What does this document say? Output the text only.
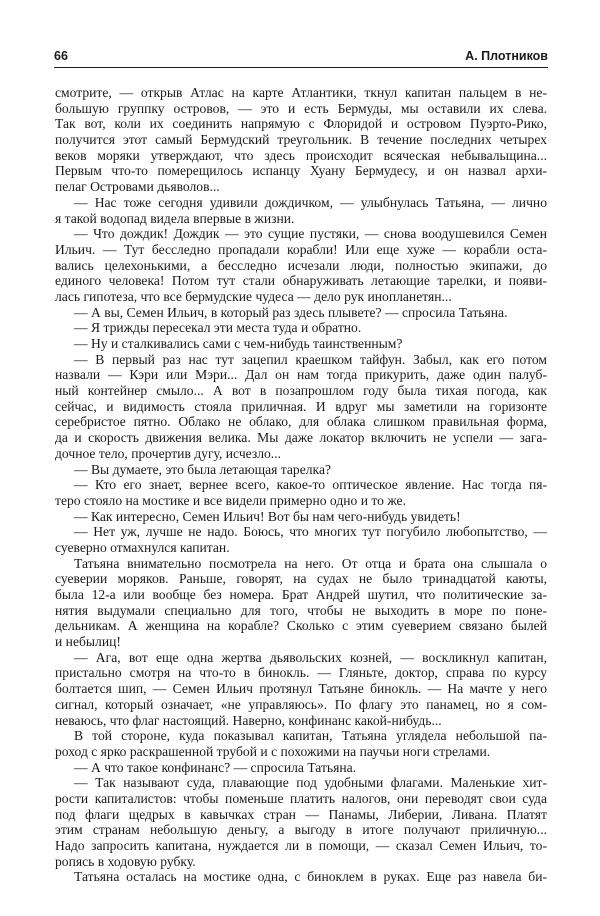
66	А. Плотников
смотрите, — открыв Атлас на карте Атлантики, ткнул капитан пальцем в не-
большую группку островов, — это и есть Бермуды, мы оставили их слева.
Так вот, коли их соединить напрямую с Флоридой и островом Пуэрто-Рико,
получится этот самый Бермудский треугольник. В течение последних четырех
веков моряки утверждают, что здесь происходит всяческая небывальщина...
Первым что-то померещилось испанцу Хуану Бермудесу, и он назвал архи-
пелаг Островами дьяволов...
— Нас тоже сегодня удивили дождичком, — улыбнулась Татьяна, — лично
я такой водопад видела впервые в жизни.
— Что дождик! Дождик — это сущие пустяки, — снова воодушевился Семен
Ильич. — Тут бесследно пропадали корабли! Или еще хуже — корабли оста-
вались целехонькими, а бесследно исчезали люди, полностью экипажи, до
единого человека! Потом тут стали обнаруживать летающие тарелки, и появи-
лась гипотеза, что все бермудские чудеса — дело рук инопланетян...
— А вы, Семен Ильич, в который раз здесь плывете? — спросила Татьяна.
— Я трижды пересекал эти места туда и обратно.
— Ну и сталкивались сами с чем-нибудь таинственным?
— В первый раз нас тут зацепил краешком тайфун. Забыл, как его потом
назвали — Кэри или Мэри... Дал он нам тогда прикурить, даже один палуб-
ный контейнер смыло... А вот в позапрошлом году была тихая погода, как
сейчас, и видимость стояла приличная. И вдруг мы заметили на горизонте
серебристое пятно. Облако не облако, для облака слишком правильная форма,
да и скорость движения велика. Мы даже локатор включить не успели — зага-
дочное тело, прочертив дугу, исчезло...
— Вы думаете, это была летающая тарелка?
— Кто его знает, вернее всего, какое-то оптическое явление. Нас тогда пя-
теро стояло на мостике и все видели примерно одно и то же.
— Как интересно, Семен Ильич! Вот бы нам чего-нибудь увидеть!
— Нет уж, лучше не надо. Боюсь, что многих тут погубило любопытство, —
суеверно отмахнулся капитан.
Татьяна внимательно посмотрела на него. От отца и брата она слышала о
суеверии моряков. Раньше, говорят, на судах не было тринадцатой каюты,
была 12-а или вообще без номера. Брат Андрей шутил, что политические за-
нятия выдумали специально для того, чтобы не выходить в море по поне-
дельникам. А женщина на корабле? Сколько с этим суеверием связано былей
и небылиц!
— Ага, вот еще одна жертва дьявольских козней, — воскликнул капитан,
пристально смотря на что-то в бинокль. — Гляньте, доктор, справа по курсу
болтается шип, — Семен Ильич протянул Татьяне бинокль. — На мачте у него
сигнал, который означает, «не управляюсь». По флагу это панамец, но я сом-
неваюсь, что флаг настоящий. Наверно, конфинанс какой-нибудь...
В той стороне, куда показывал капитан, Татьяна углядела небольшой па-
роход с ярко раскрашенной трубой и с похожими на паучьи ноги стрелами.
— А что такое конфинанс? — спросила Татьяна.
— Так называют суда, плавающие под удобными флагами. Маленькие хит-
рости капиталистов: чтобы поменьше платить налогов, они переводят свои суда
под флаги щедрых в кавычках стран — Панамы, Либерии, Ливана. Платят
этим странам небольшую деньгу, а выгоду в итоге получают приличную...
Надо запросить капитана, нуждается ли в помощи, — сказал Семен Ильич, то-
ропясь в ходовую рубку.
Татьяна осталась на мостике одна, с биноклем в руках. Еще раз навела би-
